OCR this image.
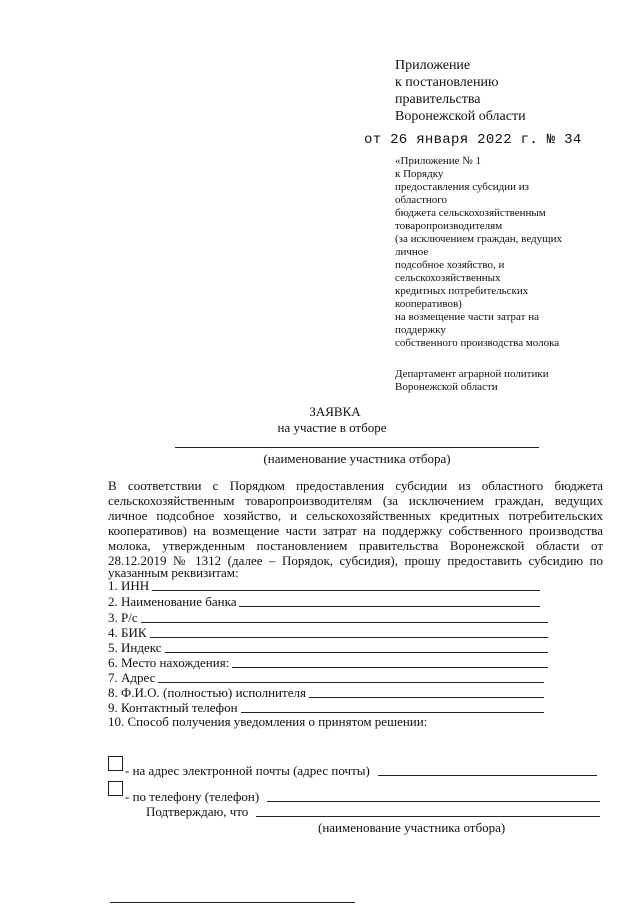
Приложение
к постановлению
правительства
Воронежской области
от 26 января 2022 г. № 34
«Приложение № 1
к Порядку
предоставления субсидии из
областного
бюджета сельскохозяйственным
товаропроизводителям
(за исключением граждан, ведущих
личное
подсобное хозяйство, и
сельскохозяйственных
кредитных потребительских
кооперативов)
на возмещение части затрат на
поддержку
собственного производства молока
Департамент аграрной политики
Воронежской области
ЗАЯВКА
на участие в отборе
(наименование участника отбора)
В соответствии с Порядком предоставления субсидии из областного бюджета
сельскохозяйственным товаропроизводителям (за исключением граждан, ведущих
личное подсобное хозяйство, и сельскохозяйственных кредитных потребительских
кооперативов) на возмещение части затрат на поддержку собственного производства
молока, утвержденным постановлением правительства Воронежской области от
28.12.2019 № 1312 (далее – Порядок, субсидия), прошу предоставить субсидию по
указанным реквизитам:
1. ИНН
2. Наименование банка
3. Р/с
4. БИК
5. Индекс
6. Место нахождения:
7. Адрес
8. Ф.И.О. (полностью) исполнителя
9. Контактный телефон
10. Способ получения уведомления о принятом решении:
- на адрес электронной почты (адрес почты)
- по телефону (телефон)
Подтверждаю, что
(наименование участника отбора)
